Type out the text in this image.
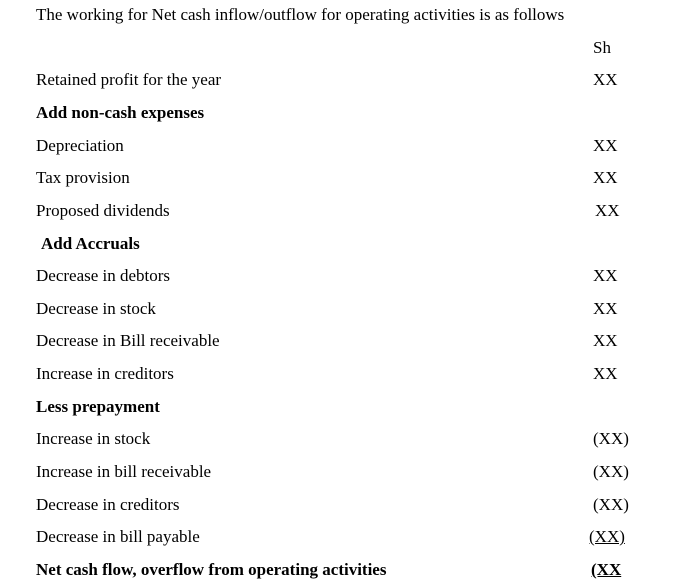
The working for Net cash inflow/outflow for operating activities is as follows
Sh
Retained profit for the year	XX
Add non-cash expenses
Depreciation	XX
Tax provision	XX
Proposed dividends	XX
Add Accruals
Decrease in debtors	XX
Decrease in stock	XX
Decrease in Bill receivable	XX
Increase in creditors	XX
Less prepayment
Increase in stock	(XX)
Increase in bill receivable	(XX)
Decrease in creditors	(XX)
Decrease in bill payable	(XX)
Net cash flow, overflow from operating activities	(XX
